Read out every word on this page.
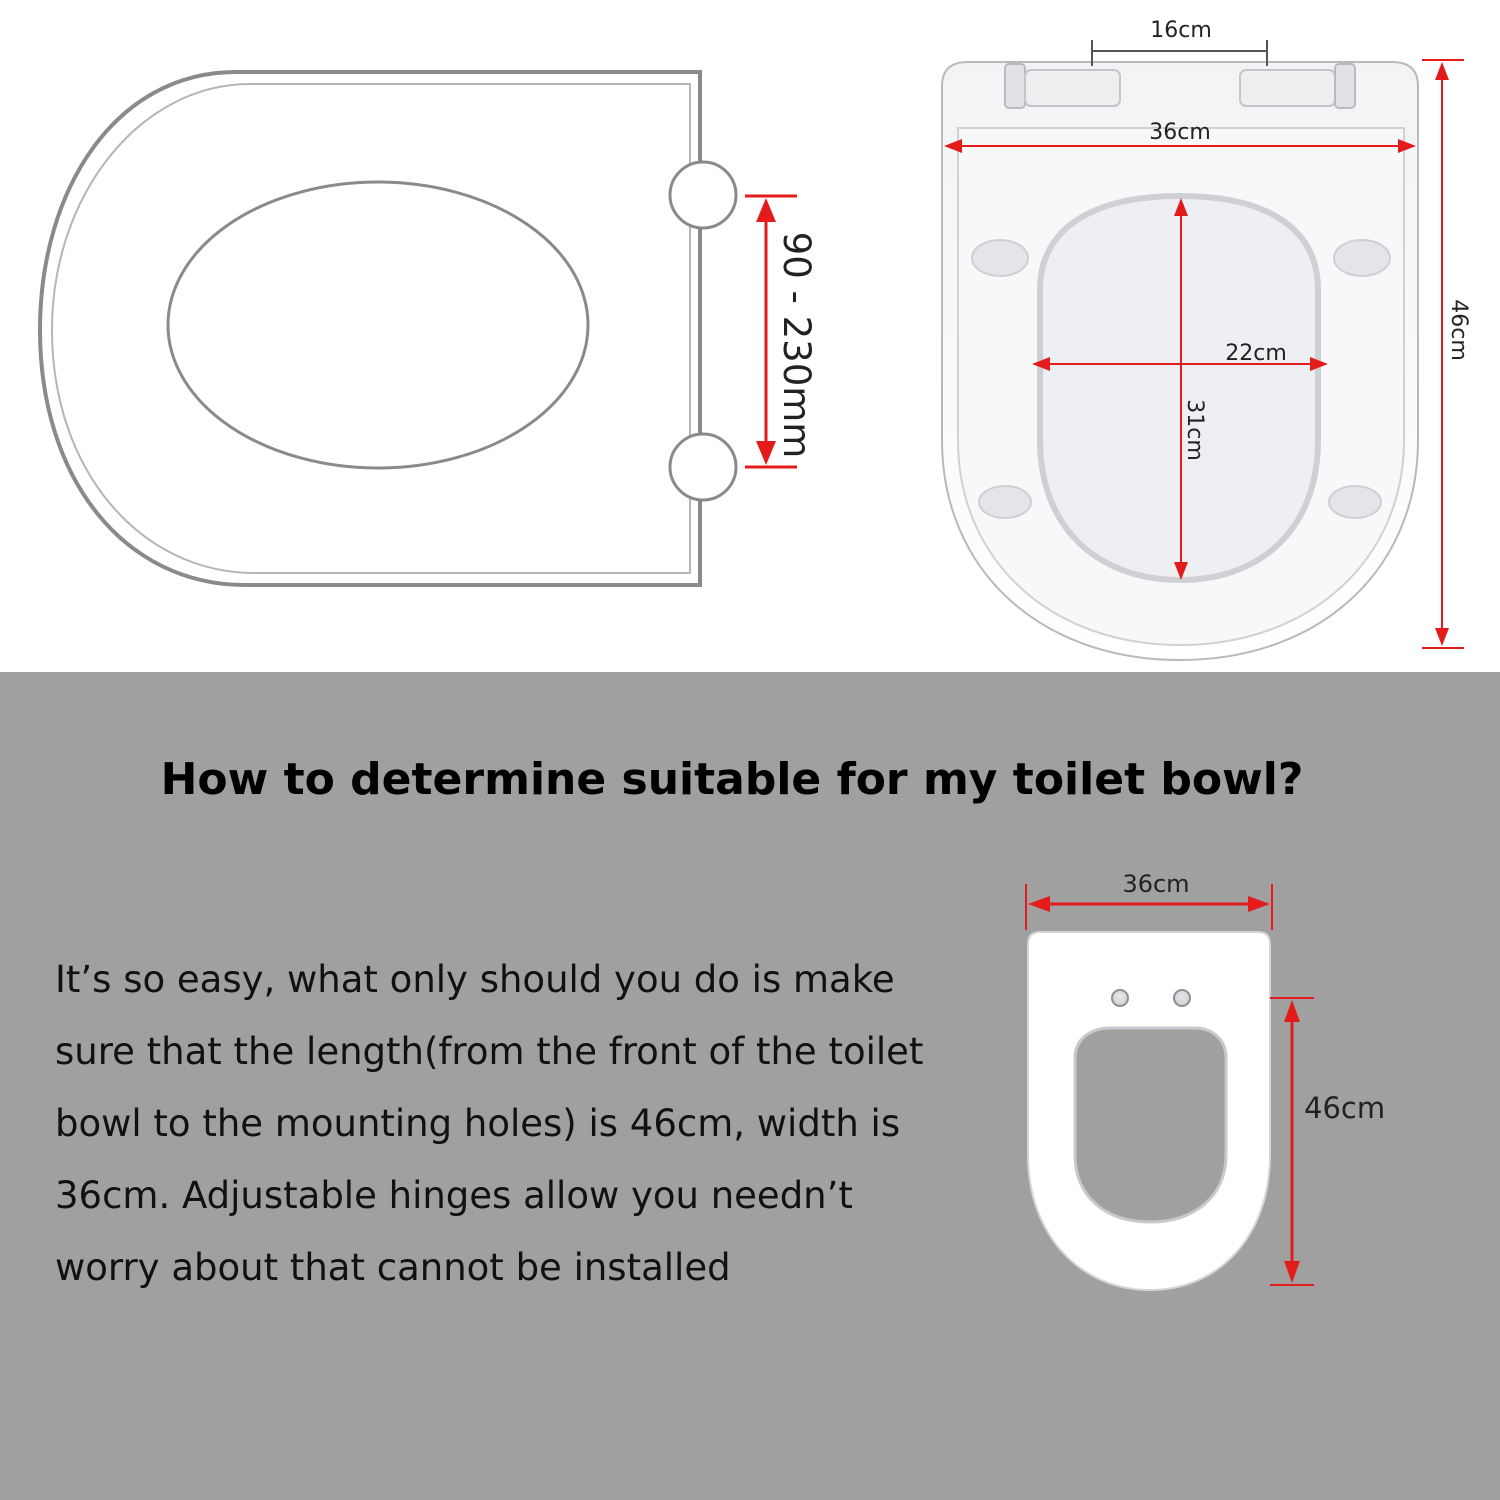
90 - 230mm
16cm
36cm
46cm
22cm
31cm
36cm
46cm
How to determine suitable for my toilet bowl?
It’s so easy, what only should you do is make
sure that the length(from the front of the toilet
bowl to the mounting holes) is 46cm, width is
36cm. Adjustable hinges allow you needn’t
worry about that cannot be installed
